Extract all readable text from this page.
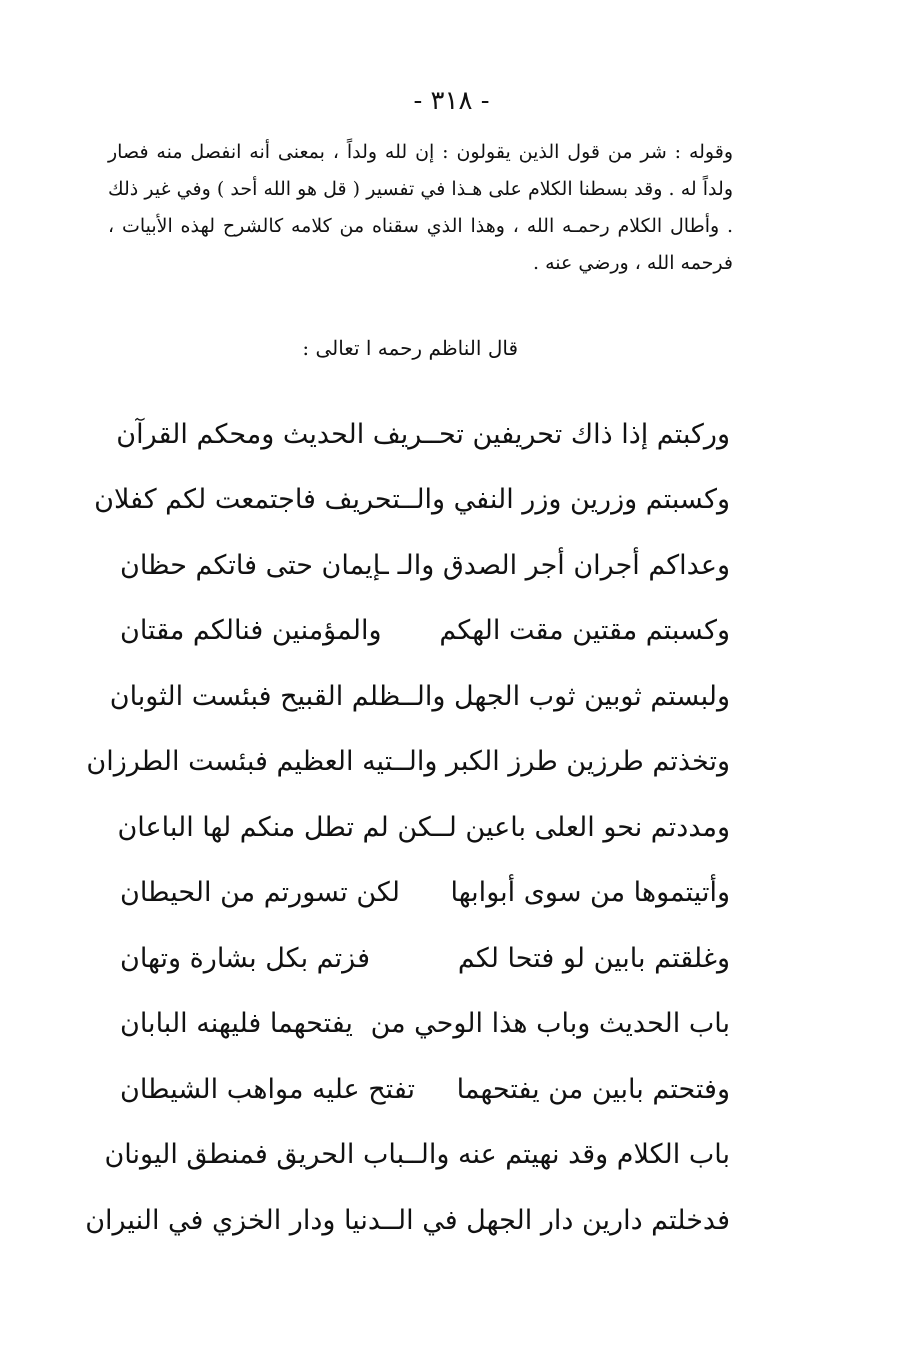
- ٣١٨ -

وقوله : شر من قول الذين يقولون : إن لله ولداً ، بمعنى أنه انفصل منه فصار ولداً له . وقد بسطنا الكلام على هـذا في تفسير ( قل هو الله أحد ) وفي غير ذلك . وأطال الكلام رحمـه الله ، وهذا الذي سقناه من كلامه كالشرح لهذه الأبيات ، فرحمه الله ، ورضي عنه .

قال الناظم رحمه ا تعالى :
وركبتم إذا ذاك تحريفين تحـ
ـريف الحديث ومحكم القرآن
وكسبتم وزرين وزر النفي والـ
ـتحريف فاجتمعت لكم كفلان
وعداكم أجران أجر الصدق والـ
ـإيمان حتى فاتكم حظان
وكسبتم مقتين مقت الهكم
والمؤمنين فنالكم مقتان
ولبستم ثوبين ثوب الجهل والـ
ـظلم القبيح فبئست الثوبان
وتخذتم طرزين طرز الكبر والـ
ـتيه العظيم فبئست الطرزان
ومددتم نحو العلى باعين لـ
ـكن لم تطل منكم لها الباعان
وأتيتموها من سوى أبوابها
لكن تسورتم من الحيطان
وغلقتم بابين لو فتحا لكم
فزتم بكل بشارة وتهان
باب الحديث وباب هذا الوحي من
يفتحهما فليهنه البابان
وفتحتم بابين من يفتحهما
تفتح عليه مواهب الشيطان
باب الكلام وقد نهيتم عنه والـ
ـباب الحريق فمنطق اليونان
فدخلتم دارين دار الجهل في الـ
ـدنيا ودار الخزي في النيران
